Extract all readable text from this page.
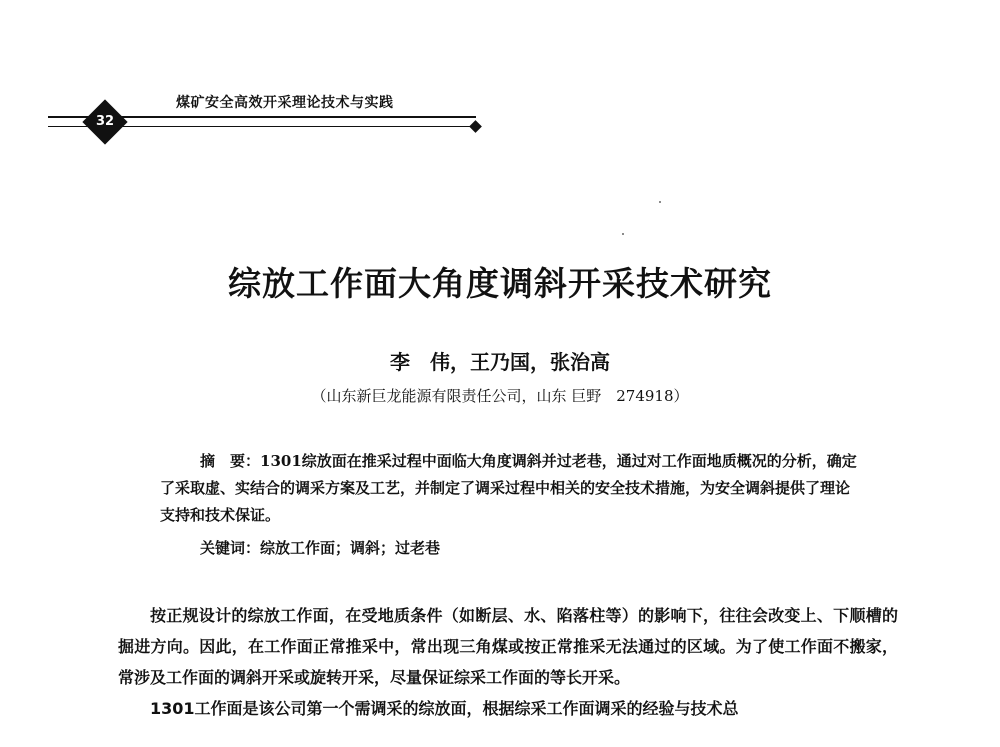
煤矿安全高效开采理论技术与实践
32
综放工作面大角度调斜开采技术研究
李　伟，王乃国，张治高
（山东新巨龙能源有限责任公司，山东 巨野　274918）
摘　要：1301综放面在推采过程中面临大角度调斜并过老巷，通过对工作面地质概况的分析，确定了采取虚、实结合的调采方案及工艺，并制定了调采过程中相关的安全技术措施，为安全调斜提供了理论支持和技术保证。
关键词：综放工作面；调斜；过老巷

按正规设计的综放工作面，在受地质条件（如断层、水、陷落柱等）的影响下，往往会改变上、下顺槽的掘进方向。因此，在工作面正常推采中，常出现三角煤或按正常推采无法通过的区域。为了使工作面不搬家，常涉及工作面的调斜开采或旋转开采，尽量保证综采工作面的等长开采。

1301工作面是该公司第一个需调采的综放面，根据综采工作面调采的经验与技术总
